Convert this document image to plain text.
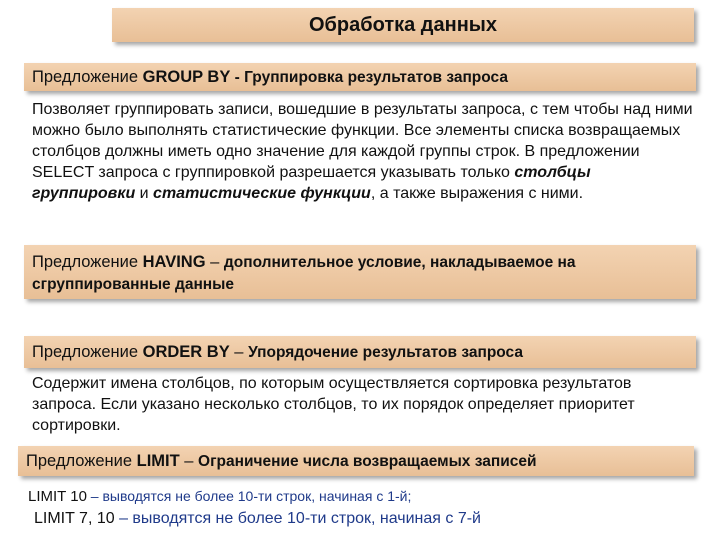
Обработка данных
Предложение GROUP BY - Группировка результатов запроса
Позволяет группировать записи, вошедшие в результаты запроса, с тем чтобы над ними можно было выполнять статистические функции. Все элементы списка возвращаемых столбцов должны иметь одно значение для каждой группы строк. В предложении SELECT запроса с группировкой разрешается указывать только столбцы группировки и статистические функции, а также выражения с ними.
Предложение HAVING – дополнительное условие, накладываемое на
сгруппированные данные
Предложение ORDER BY – Упорядочение результатов запроса
Содержит имена столбцов, по которым осуществляется сортировка результатов запроса. Если указано несколько столбцов, то их порядок определяет приоритет сортировки.
Предложение LIMIT – Ограничение числа возвращаемых записей
LIMIT 10 – выводятся не более 10-ти строк, начиная с 1-й;
LIMIT 7, 10 – выводятся не более 10-ти строк, начиная с 7-й
